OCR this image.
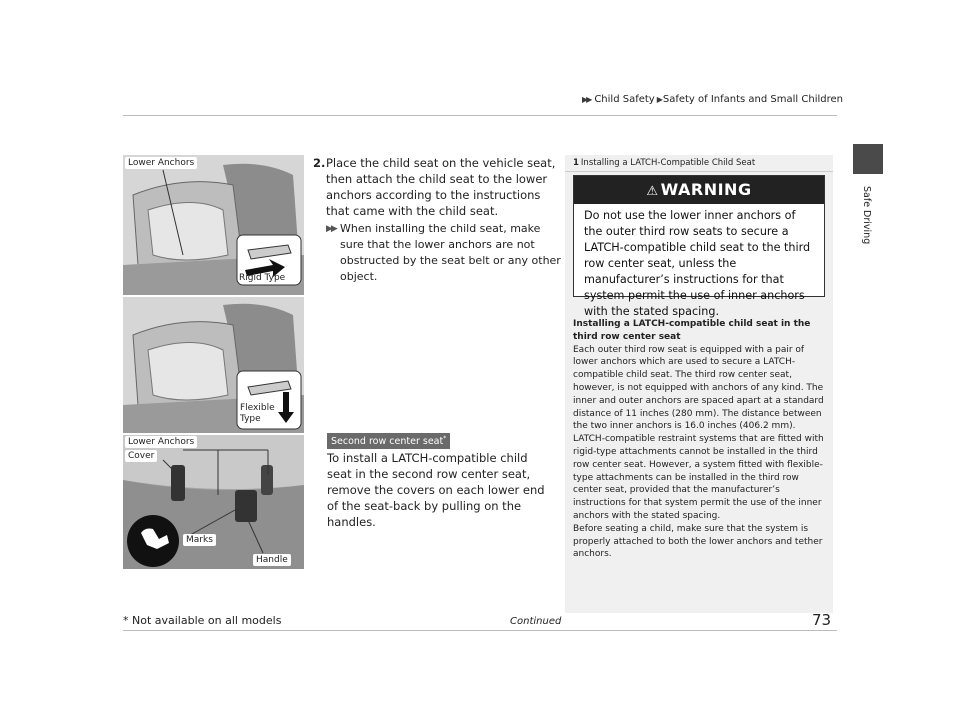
▶▶ Child Safety ▶ Safety of Infants and Small Children
Safe Driving
Lower Anchors
Rigid Type
Flexible
Type
Lower Anchors
Cover
Marks
Handle
2. Place the child seat on the vehicle seat, then attach the child seat to the lower anchors according to the instructions that came with the child seat.
▶▶ When installing the child seat, make sure that the lower anchors are not obstructed by the seat belt or any other object.
Second row center seat*
To install a LATCH-compatible child seat in the second row center seat, remove the covers on each lower end of the seat-back by pulling on the handles.
1 Installing a LATCH-Compatible Child Seat
⚠ WARNING
Do not use the lower inner anchors of the outer third row seats to secure a LATCH-compatible child seat to the third row center seat, unless the manufacturer’s instructions for that system permit the use of inner anchors with the stated spacing.
Installing a LATCH-compatible child seat in the third row center seat
Each outer third row seat is equipped with a pair of lower anchors which are used to secure a LATCH-compatible child seat. The third row center seat, however, is not equipped with anchors of any kind. The inner and outer anchors are spaced apart at a standard distance of 11 inches (280 mm). The distance between the two inner anchors is 16.0 inches (406.2 mm).
LATCH-compatible restraint systems that are fitted with rigid-type attachments cannot be installed in the third row center seat. However, a system fitted with flexible-type attachments can be installed in the third row center seat, provided that the manufacturer’s instructions for that system permit the use of the inner anchors with the stated spacing.
Before seating a child, make sure that the system is properly attached to both the lower anchors and tether anchors.
Continued
* Not available on all models	73
